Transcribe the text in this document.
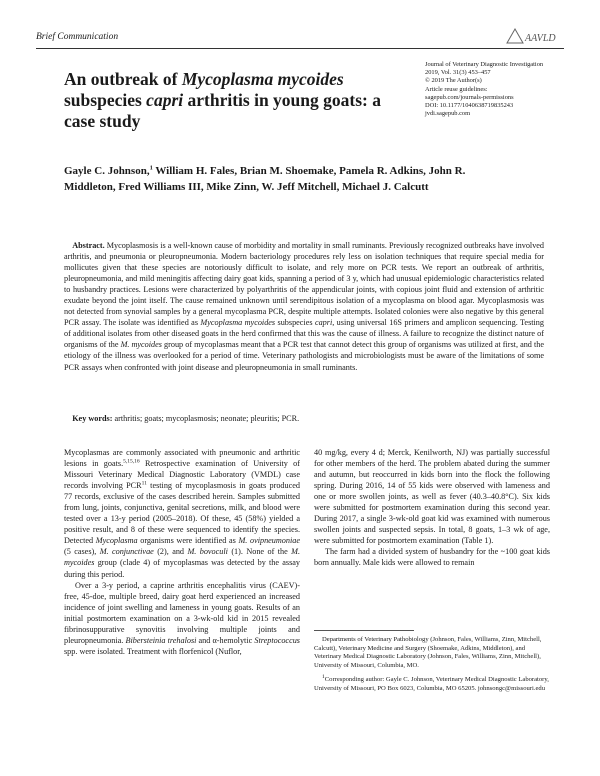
Brief Communication	AAVLD
An outbreak of Mycoplasma mycoides subspecies capri arthritis in young goats: a case study
Journal of Veterinary Diagnostic Investigation
2019, Vol. 31(3) 453–457
© 2019 The Author(s)
Article reuse guidelines:
sagepub.com/journals-permissions
DOI: 10.1177/1040638719835243
jvdi.sagepub.com
Gayle C. Johnson,$^1$ William H. Fales, Brian M. Shoemake, Pamela R. Adkins, John R. Middleton, Fred Williams III, Mike Zinn, W. Jeff Mitchell, Michael J. Calcutt
Abstract. Mycoplasmosis is a well-known cause of morbidity and mortality in small ruminants. Previously recognized outbreaks have involved arthritis, and pneumonia or pleuropneumonia. Modern bacteriology procedures rely less on isolation techniques that require special media for mollicutes given that these species are notoriously difficult to isolate, and rely more on PCR tests. We report an outbreak of arthritis, pleuropneumonia, and mild meningitis affecting dairy goat kids, spanning a period of 3 y, which had unusual epidemiologic characteristics related to husbandry practices. Lesions were characterized by polyarthritis of the appendicular joints, with copious joint fluid and extension of arthritic exudate beyond the joint itself. The cause remained unknown until serendipitous isolation of a mycoplasma on blood agar. Mycoplasmosis was not detected from synovial samples by a general mycoplasma PCR, despite multiple attempts. Isolated colonies were also negative by this general PCR assay. The isolate was identified as Mycoplasma mycoides subspecies capri, using universal 16S primers and amplicon sequencing. Testing of additional isolates from other diseased goats in the herd confirmed that this was the cause of illness. A failure to recognize the distinct nature of organisms of the M. mycoides group of mycoplasmas meant that a PCR test that cannot detect this group of organisms was utilized at first, and the etiology of the illness was overlooked for a period of time. Veterinary pathologists and microbiologists must be aware of the limitations of some PCR assays when confronted with joint disease and pleuropneumonia in small ruminants.
Key words: arthritis; goats; mycoplasmosis; neonate; pleuritis; PCR.

Mycoplasmas are commonly associated with pneumonic and arthritic lesions in goats.$^{5,15,16}$ Retrospective examination of University of Missouri Veterinary Medical Diagnostic Laboratory (VMDL) case records involving PCR$^{11}$ testing of mycoplasmosis in goats produced 77 records, exclusive of the cases described herein. Samples submitted from lung, joints, conjunctiva, genital secretions, milk, and blood were tested over a 13-y period (2005–2018). Of these, 45 (58%) yielded a positive result, and 8 of these were sequenced to identify the species. Detected Mycoplasma organisms were identified as M. ovipneumoniae (5 cases), M. conjunctivae (2), and M. bovoculi (1). None of the M. mycoides group (clade 4) of mycoplasmas was detected by the assay during this period.

Over a 3-y period, a caprine arthritis encephalitis virus (CAEV)-free, 45-doe, multiple breed, dairy goat herd experienced an increased incidence of joint swelling and lameness in young goats. Results of an initial postmortem examination on a 3-wk-old kid in 2015 revealed fibrinosuppurative synovitis involving multiple joints and pleuropneumonia. Bibersteinia trehalosi and α-hemolytic Streptococcus spp. were isolated. Treatment with florfenicol (Nuflor,

40 mg/kg, every 4 d; Merck, Kenilworth, NJ) was partially successful for other members of the herd. The problem abated during the summer and autumn, but reoccurred in kids born into the flock the following spring. During 2016, 14 of 55 kids were observed with lameness and one or more swollen joints, as well as fever (40.3–40.8°C). Six kids were submitted for postmortem examination during this second year. During 2017, a single 3-wk-old goat kid was examined with numerous swollen joints and suspected sepsis. In total, 8 goats, 1–3 wk of age, were submitted for postmortem examination (Table 1).

The farm had a divided system of husbandry for the ~100 goat kids born annually. Male kids were allowed to remain

Departments of Veterinary Pathobiology (Johnson, Fales, Williams, Zinn, Mitchell, Calcutt), Veterinary Medicine and Surgery (Shoemake, Adkins, Middleton), and Veterinary Medical Diagnostic Laboratory (Johnson, Fales, Williams, Zinn, Mitchell), University of Missouri, Columbia, MO.

$^1$Corresponding author: Gayle C. Johnson, Veterinary Medical Diagnostic Laboratory, University of Missouri, PO Box 6023, Columbia, MO 65205. johnsongc@missouri.edu
